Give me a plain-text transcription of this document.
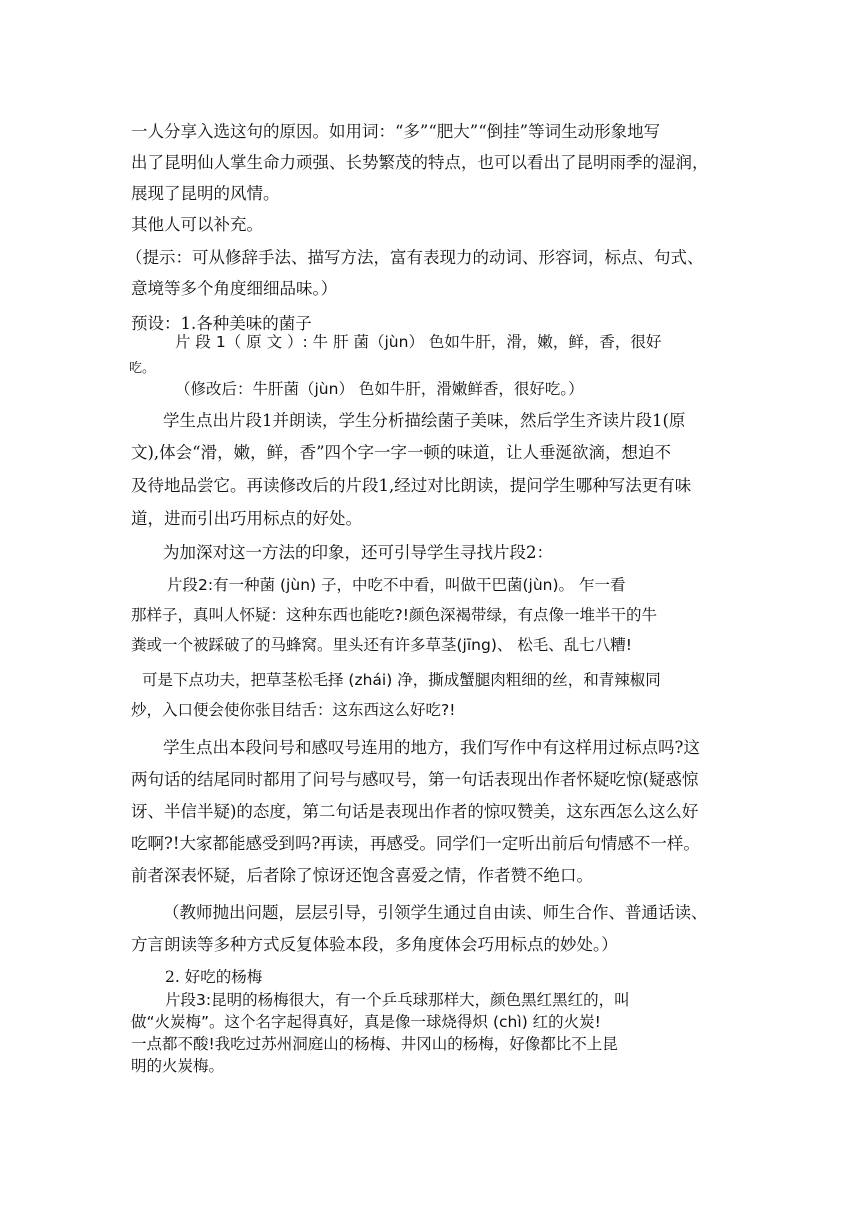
一人分享入选这句的原因。如用词：“多”“肥大”“倒挂”等词生动形象地写
出了昆明仙人掌生命力顽强、长势繁茂的特点，也可以看出了昆明雨季的湿润，
展现了昆明的风情。
其他人可以补充。
（提示：可从修辞手法、描写方法，富有表现力的动词、形容词，标点、句式、
意境等多个角度细细品味。）
预设：1.各种美味的菌子
片 段 1（ 原 文 ）: 牛 肝 菌（jùn） 色如牛肝，滑，嫩，鲜，香，很好
吃。
（修改后：牛肝菌（jùn） 色如牛肝，滑嫩鲜香，很好吃。）
学生点出片段1并朗读，学生分析描绘菌子美味，然后学生齐读片段1(原
文),体会“滑，嫩，鲜，香”四个字一字一顿的味道，让人垂涎欲滴，想迫不
及待地品尝它。再读修改后的片段1,经过对比朗读，提问学生哪种写法更有味
道，进而引出巧用标点的好处。
为加深对这一方法的印象，还可引导学生寻找片段2：
片段2:有一种菌 (jùn) 子，中吃不中看，叫做干巴菌(jùn)。 乍一看
那样子，真叫人怀疑：这种东西也能吃?!颜色深褐带绿，有点像一堆半干的牛
粪或一个被踩破了的马蜂窝。里头还有许多草茎(jīng)、 松毛、乱七八糟!
可是下点功夫，把草茎松毛择 (zhái) 净，撕成蟹腿肉粗细的丝，和青辣椒同
炒，入口便会使你张目结舌：这东西这么好吃?!
学生点出本段问号和感叹号连用的地方，我们写作中有这样用过标点吗?这
两句话的结尾同时都用了问号与感叹号，第一句话表现出作者怀疑吃惊(疑惑惊
讶、半信半疑)的态度，第二句话是表现出作者的惊叹赞美，这东西怎么这么好
吃啊?!大家都能感受到吗?再读，再感受。同学们一定听出前后句情感不一样。
前者深表怀疑，后者除了惊讶还饱含喜爱之情，作者赞不绝口。
（教师抛出问题，层层引导，引领学生通过自由读、师生合作、普通话读、
方言朗读等多种方式反复体验本段，多角度体会巧用标点的妙处。）
2. 好吃的杨梅
片段3:昆明的杨梅很大，有一个乒乓球那样大，颜色黑红黑红的，叫
做“火炭梅”。这个名字起得真好，真是像一球烧得炽 (chì) 红的火炭!
一点都不酸!我吃过苏州洞庭山的杨梅、井冈山的杨梅，好像都比不上昆
明的火炭梅。
